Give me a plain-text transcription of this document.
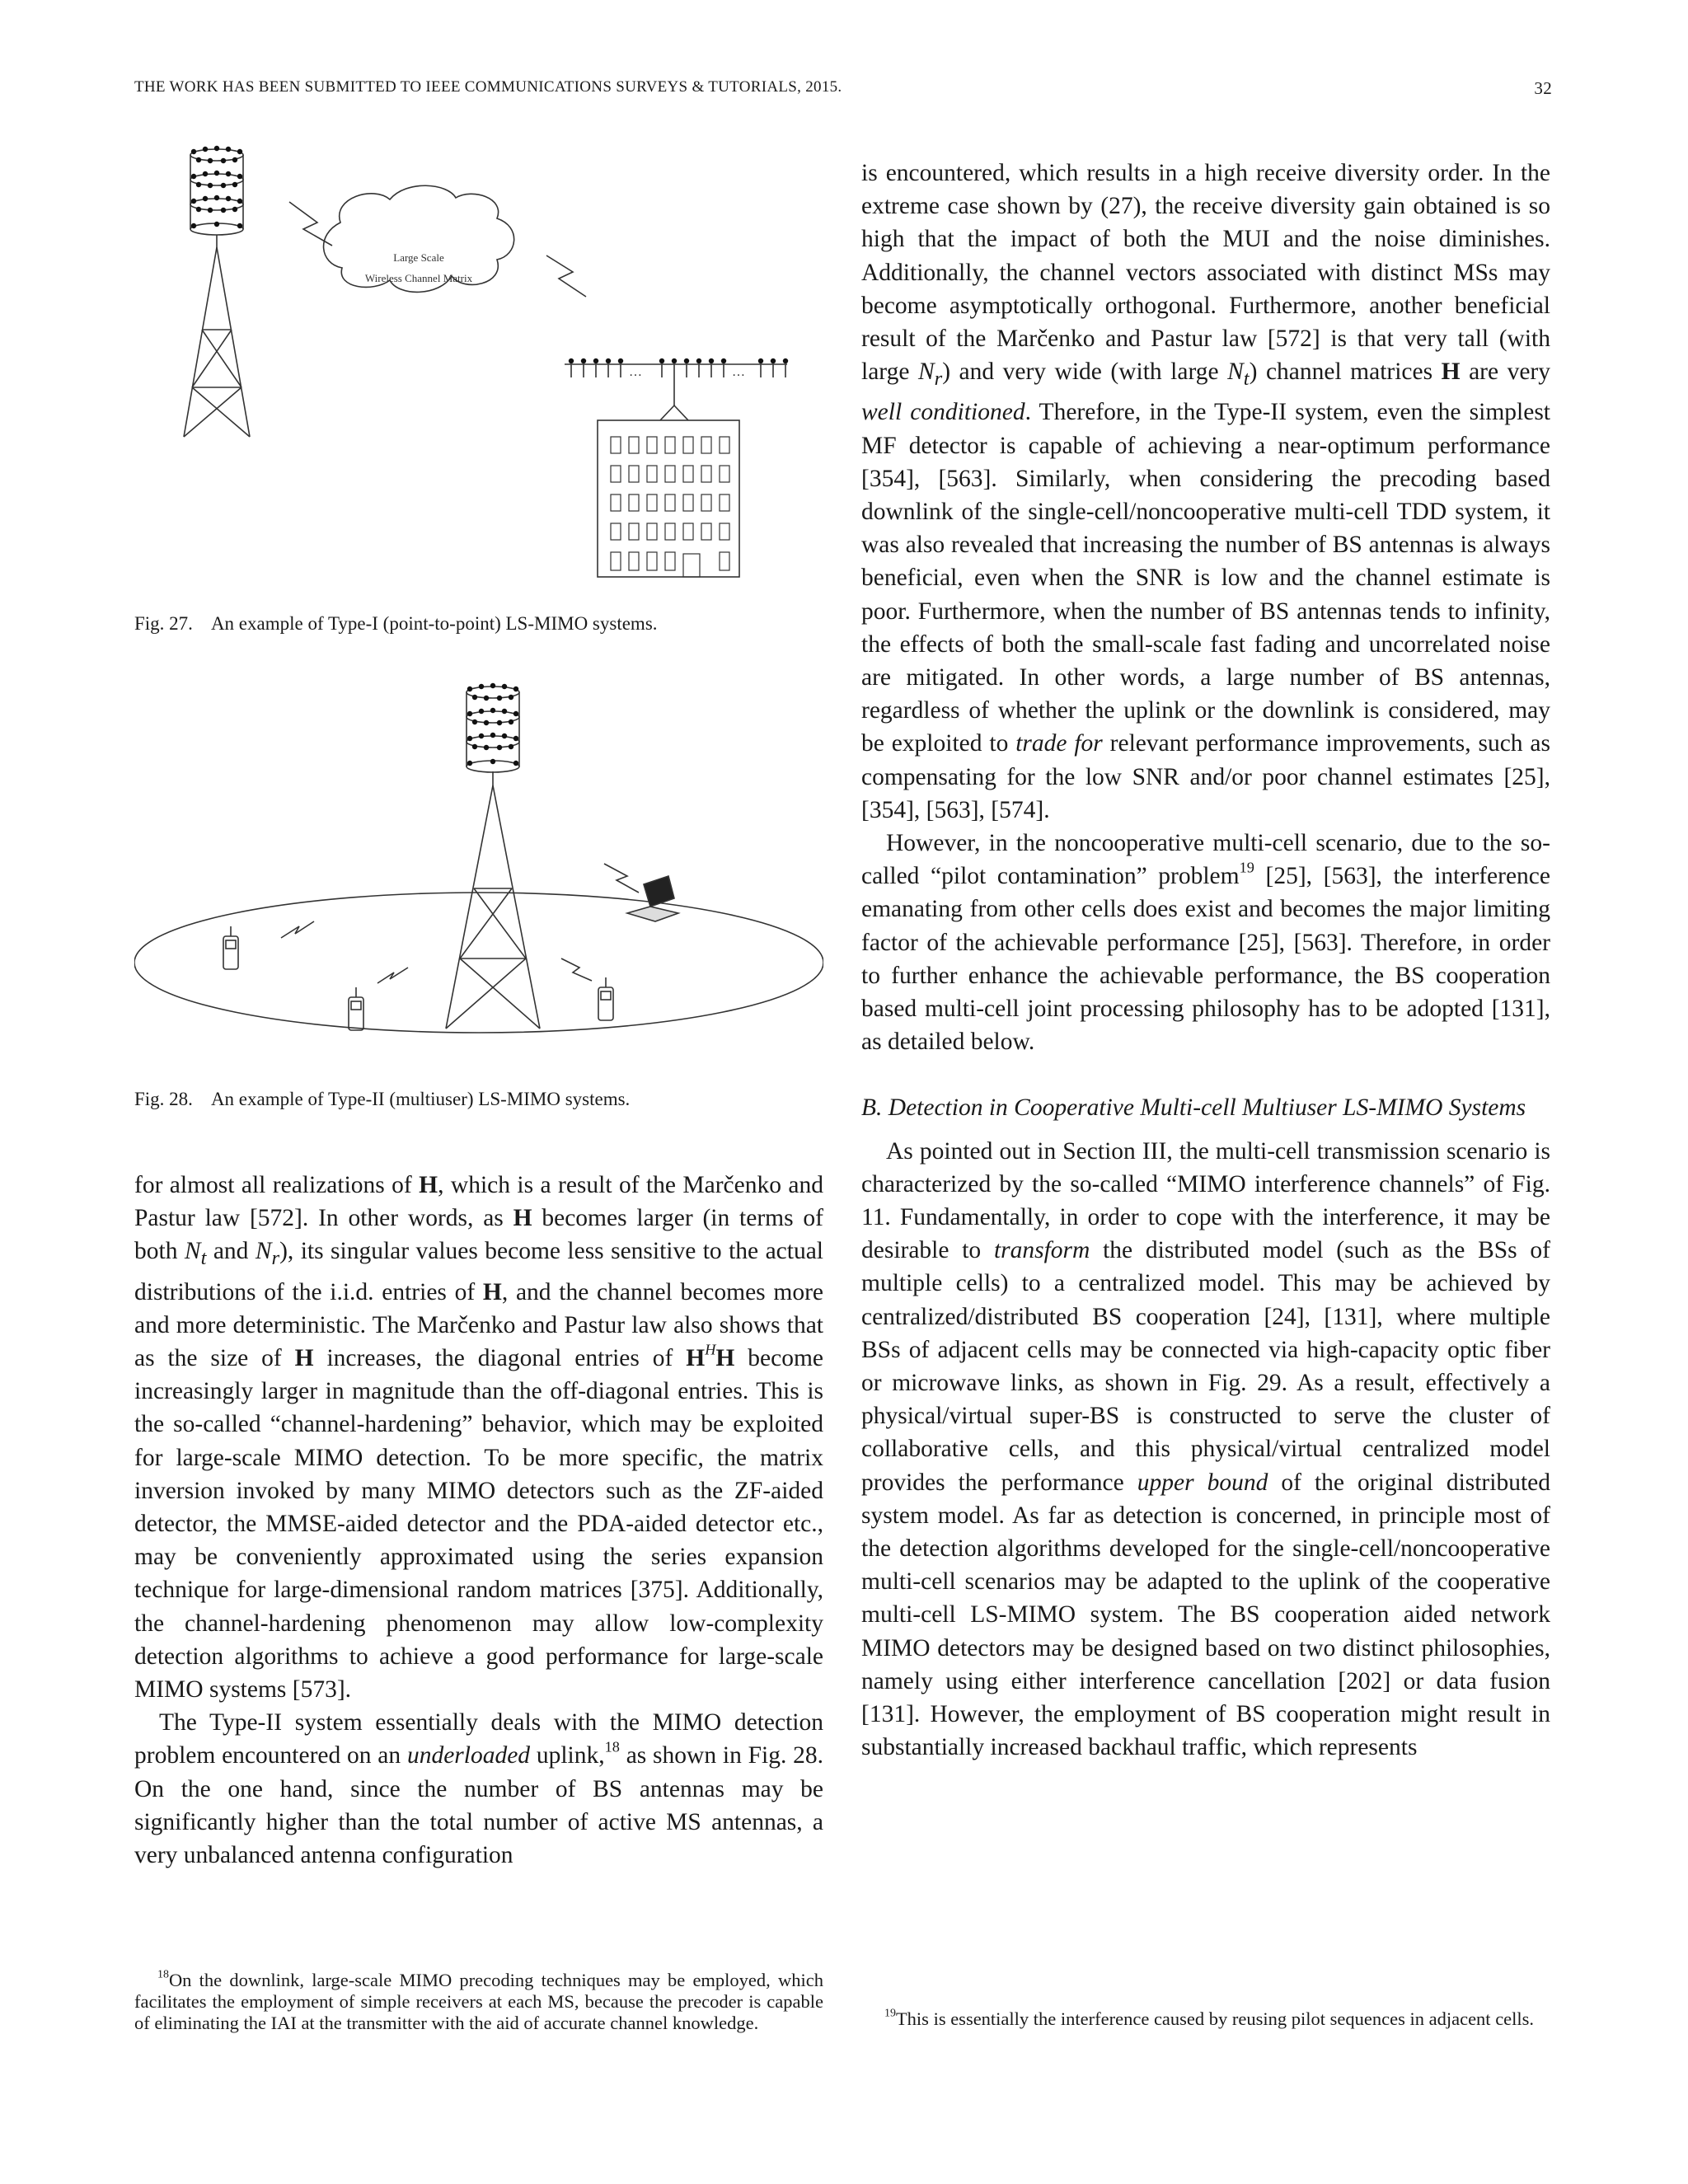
THE WORK HAS BEEN SUBMITTED TO IEEE COMMUNICATIONS SURVEYS & TUTORIALS, 2015.	32
…	…
Large Scale
Wireless Channel Matrix
Fig. 27. An example of Type-I (point-to-point) LS-MIMO systems.
Fig. 28. An example of Type-II (multiuser) LS-MIMO systems.

for almost all realizations of H, which is a result of the Marčenko and Pastur law [572]. In other words, as H becomes larger (in terms of both $N_t$ and $N_r$), its singular values become less sensitive to the actual distributions of the i.i.d. entries of H, and the channel becomes more and more deterministic. The Marčenko and Pastur law also shows that as the size of H increases, the diagonal entries of $H^HH$ become increasingly larger in magnitude than the off-diagonal entries. This is the so-called “channel-hardening” behavior, which may be exploited for large-scale MIMO detection. To be more specific, the matrix inversion invoked by many MIMO detectors such as the ZF-aided detector, the MMSE-aided detector and the PDA-aided detector etc., may be conveniently approximated using the series expansion technique for large-dimensional random matrices [375]. Additionally, the channel-hardening phenomenon may allow low-complexity detection algorithms to achieve a good performance for large-scale MIMO systems [573].

The Type-II system essentially deals with the MIMO detection problem encountered on an underloaded uplink,$^{18}$ as shown in Fig. 28. On the one hand, since the number of BS antennas may be significantly higher than the total number of active MS antennas, a very unbalanced antenna configuration

$^{18}$On the downlink, large-scale MIMO precoding techniques may be employed, which facilitates the employment of simple receivers at each MS, because the precoder is capable of eliminating the IAI at the transmitter with the aid of accurate channel knowledge.

is encountered, which results in a high receive diversity order. In the extreme case shown by (27), the receive diversity gain obtained is so high that the impact of both the MUI and the noise diminishes. Additionally, the channel vectors associated with distinct MSs may become asymptotically orthogonal. Furthermore, another beneficial result of the Marčenko and Pastur law [572] is that very tall (with large $N_r$) and very wide (with large $N_t$) channel matrices H are very well conditioned. Therefore, in the Type-II system, even the simplest MF detector is capable of achieving a near-optimum performance [354], [563]. Similarly, when considering the precoding based downlink of the single-cell/noncooperative multi-cell TDD system, it was also revealed that increasing the number of BS antennas is always beneficial, even when the SNR is low and the channel estimate is poor. Furthermore, when the number of BS antennas tends to infinity, the effects of both the small-scale fast fading and uncorrelated noise are mitigated. In other words, a large number of BS antennas, regardless of whether the uplink or the downlink is considered, may be exploited to trade for relevant performance improvements, such as compensating for the low SNR and/or poor channel estimates [25], [354], [563], [574].

However, in the noncooperative multi-cell scenario, due to the so-called “pilot contamination” problem$^{19}$ [25], [563], the interference emanating from other cells does exist and becomes the major limiting factor of the achievable performance [25], [563]. Therefore, in order to further enhance the achievable performance, the BS cooperation based multi-cell joint processing philosophy has to be adopted [131], as detailed below.

B. Detection in Cooperative Multi-cell Multiuser LS-MIMO Systems

As pointed out in Section III, the multi-cell transmission scenario is characterized by the so-called “MIMO interference channels” of Fig. 11. Fundamentally, in order to cope with the interference, it may be desirable to transform the distributed model (such as the BSs of multiple cells) to a centralized model. This may be achieved by centralized/distributed BS cooperation [24], [131], where multiple BSs of adjacent cells may be connected via high-capacity optic fiber or microwave links, as shown in Fig. 29. As a result, effectively a physical/virtual super-BS is constructed to serve the cluster of collaborative cells, and this physical/virtual centralized model provides the performance upper bound of the original distributed system model. As far as detection is concerned, in principle most of the detection algorithms developed for the single-cell/noncooperative multi-cell scenarios may be adapted to the uplink of the cooperative multi-cell LS-MIMO system. The BS cooperation aided network MIMO detectors may be designed based on two distinct philosophies, namely using either interference cancellation [202] or data fusion [131]. However, the employment of BS cooperation might result in substantially increased backhaul traffic, which represents

$^{19}$This is essentially the interference caused by reusing pilot sequences in adjacent cells.
